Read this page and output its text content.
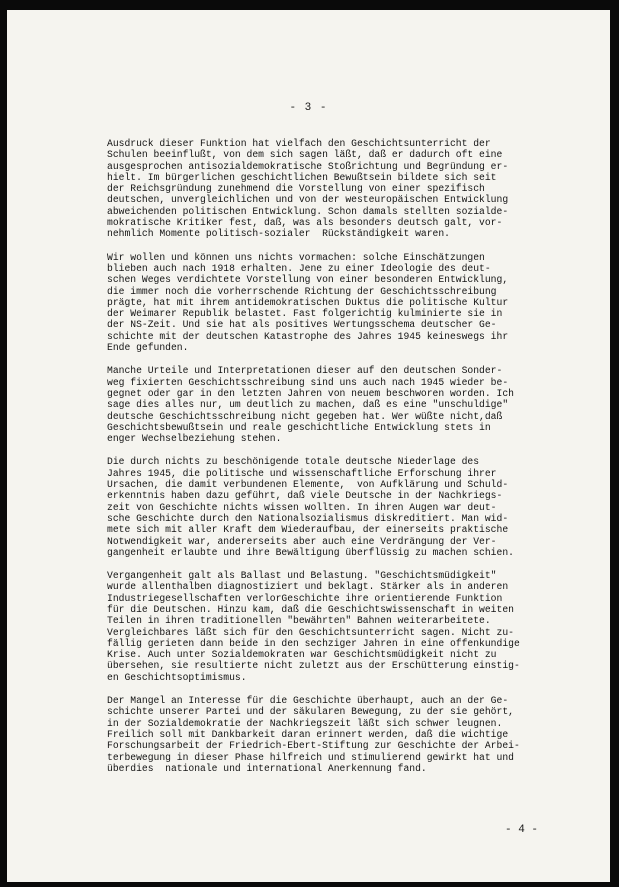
- 3 -

Ausdruck dieser Funktion hat vielfach den Geschichtsunterricht der
Schulen beeinflußt, von dem sich sagen läßt, daß er dadurch oft eine
ausgesprochen antisozialdemokratische Stoßrichtung und Begründung er-
hielt. Im bürgerlichen geschichtlichen Bewußtsein bildete sich seit
der Reichsgründung zunehmend die Vorstellung von einer spezifisch
deutschen, unvergleichlichen und von der westeuropäischen Entwicklung
abweichenden politischen Entwicklung. Schon damals stellten sozialde-
mokratische Kritiker fest, daß, was als besonders deutsch galt, vor-
nehmlich Momente politisch-sozialer  Rückständigkeit waren.

Wir wollen und können uns nichts vormachen: solche Einschätzungen
blieben auch nach 1918 erhalten. Jene zu einer Ideologie des deut-
schen Weges verdichtete Vorstellung von einer besonderen Entwicklung,
die immer noch die vorherrschende Richtung der Geschichtsschreibung
prägte, hat mit ihrem antidemokratischen Duktus die politische Kultur
der Weimarer Republik belastet. Fast folgerichtig kulminierte sie in
der NS-Zeit. Und sie hat als positives Wertungsschema deutscher Ge-
schichte mit der deutschen Katastrophe des Jahres 1945 keineswegs ihr
Ende gefunden.

Manche Urteile und Interpretationen dieser auf den deutschen Sonder-
weg fixierten Geschichtsschreibung sind uns auch nach 1945 wieder be-
gegnet oder gar in den letzten Jahren von neuem beschworen worden. Ich
sage dies alles nur, um deutlich zu machen, daß es eine "unschuldige"
deutsche Geschichtsschreibung nicht gegeben hat. Wer wüßte nicht,daß
Geschichtsbewußtsein und reale geschichtliche Entwicklung stets in
enger Wechselbeziehung stehen.

Die durch nichts zu beschönigende totale deutsche Niederlage des
Jahres 1945, die politische und wissenschaftliche Erforschung ihrer
Ursachen, die damit verbundenen Elemente,  von Aufklärung und Schuld-
erkenntnis haben dazu geführt, daß viele Deutsche in der Nachkriegs-
zeit von Geschichte nichts wissen wollten. In ihren Augen war deut-
sche Geschichte durch den Nationalsozialismus diskreditiert. Man wid-
mete sich mit aller Kraft dem Wiederaufbau, der einerseits praktische
Notwendigkeit war, andererseits aber auch eine Verdrängung der Ver-
gangenheit erlaubte und ihre Bewältigung überflüssig zu machen schien.

Vergangenheit galt als Ballast und Belastung. "Geschichtsmüdigkeit"
wurde allenthalben diagnostiziert und beklagt. Stärker als in anderen
Industriegesellschaften verlorGeschichte ihre orientierende Funktion
für die Deutschen. Hinzu kam, daß die Geschichtswissenschaft in weiten
Teilen in ihren traditionellen "bewährten" Bahnen weiterarbeitete.
Vergleichbares läßt sich für den Geschichtsunterricht sagen. Nicht zu-
fällig gerieten dann beide in den sechziger Jahren in eine offenkundige
Krise. Auch unter Sozialdemokraten war Geschichtsmüdigkeit nicht zu
übersehen, sie resultierte nicht zuletzt aus der Erschütterung einstig-
en Geschichtsoptimismus.

Der Mangel an Interesse für die Geschichte überhaupt, auch an der Ge-
schichte unserer Partei und der säkularen Bewegung, zu der sie gehört,
in der Sozialdemokratie der Nachkriegszeit läßt sich schwer leugnen.
Freilich soll mit Dankbarkeit daran erinnert werden, daß die wichtige
Forschungsarbeit der Friedrich-Ebert-Stiftung zur Geschichte der Arbei-
terbewegung in dieser Phase hilfreich und stimulierend gewirkt hat und
überdies  nationale und international Anerkennung fand.

- 4 -
